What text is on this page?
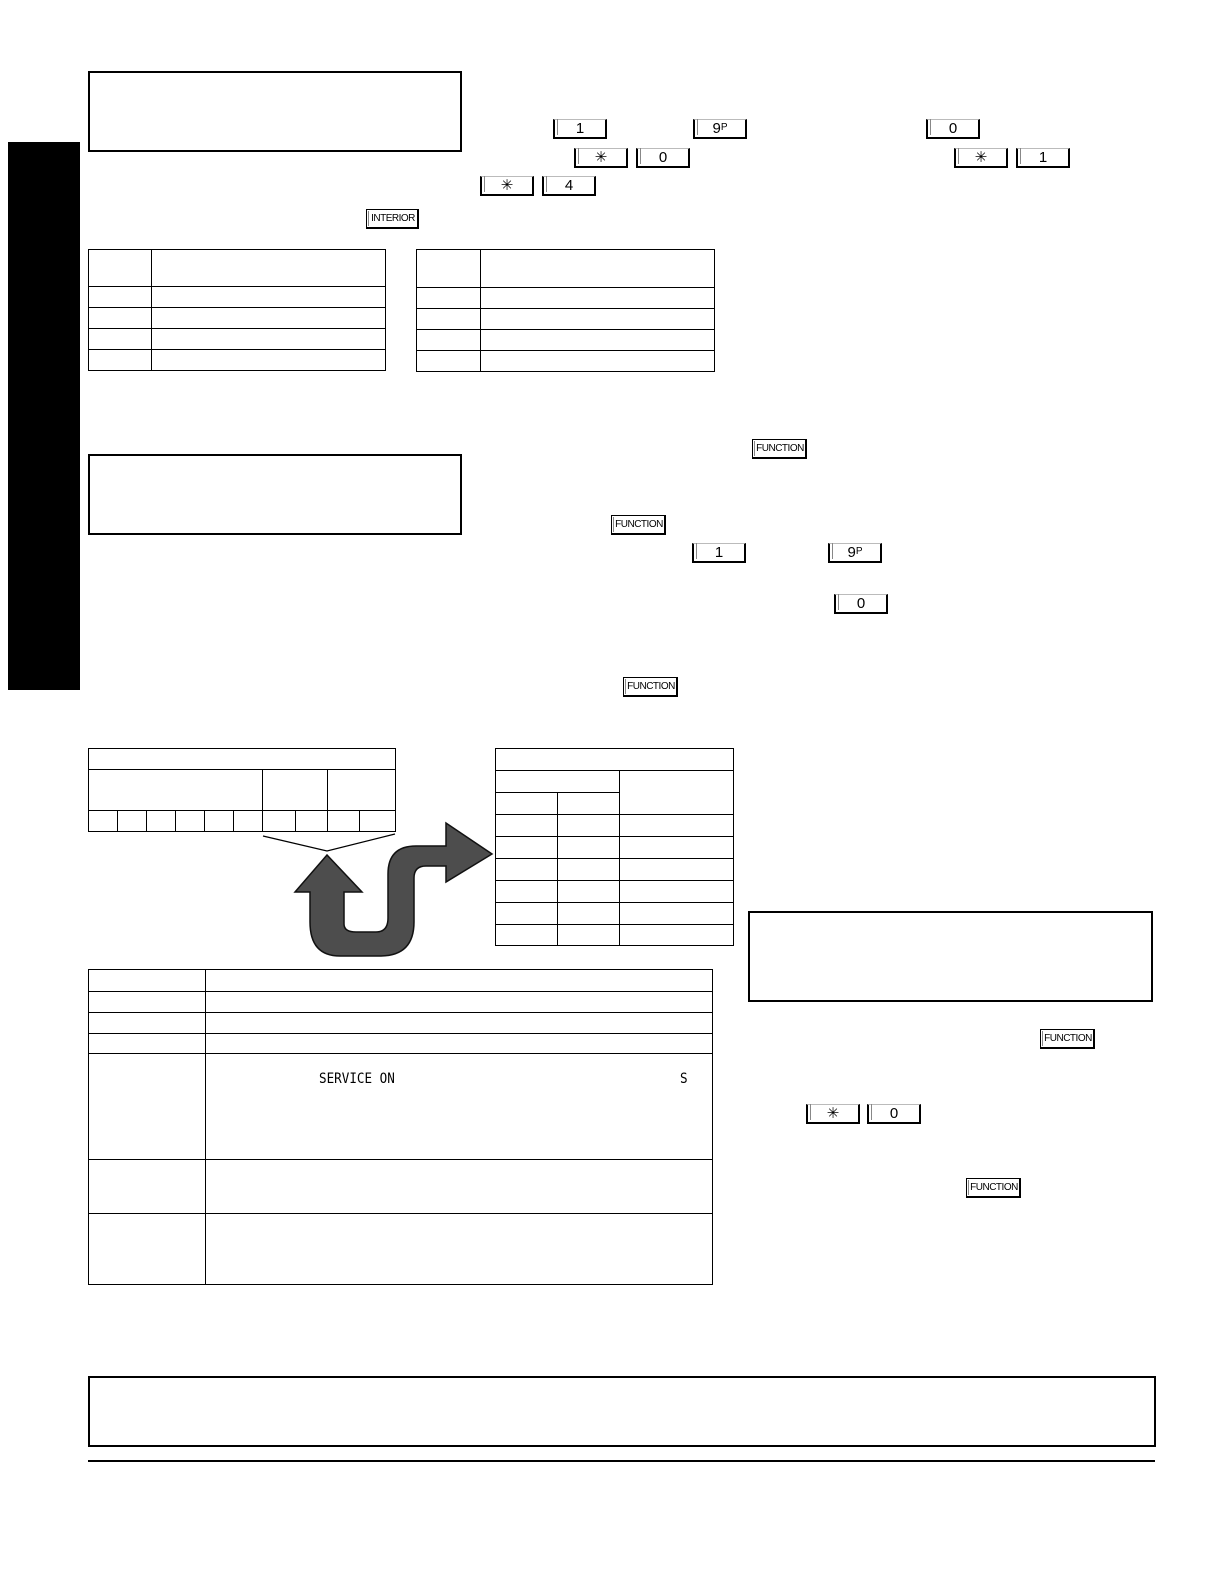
1	$9^P$	0
✳	0	✳	1
✳	4
INTERIOR

FUNCTION
FUNCTION
1	$9^P$
0
FUNCTION

	SERVICE ON S

FUNCTION
✳	0
FUNCTION
